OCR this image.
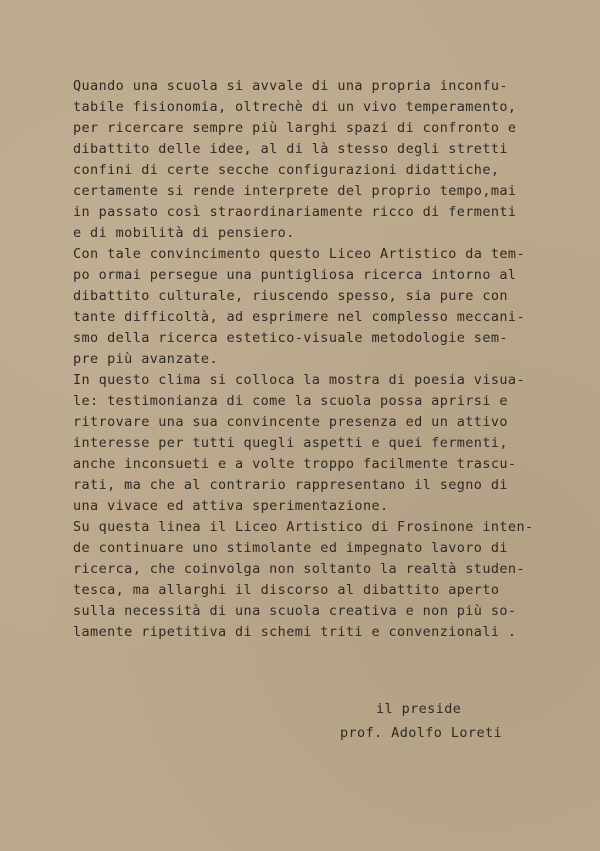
Quando una scuola si avvale di una propria inconfu-
tabile fisionomia, oltrechè di un vivo temperamento,
per ricercare sempre più larghi spazi di confronto e
dibattito delle idee, al di là stesso degli stretti
confini di certe secche configurazioni didattiche,
certamente si rende interprete del proprio tempo,mai
in passato così straordinariamente ricco di fermenti
e di mobilità di pensiero.
Con tale convincimento questo Liceo Artistico da tem-
po ormai persegue una puntigliosa ricerca intorno al
dibattito culturale, riuscendo spesso, sia pure con
tante difficoltà, ad esprimere nel complesso meccani-
smo della ricerca estetico-visuale metodologie sem-
pre più avanzate.
In questo clima si colloca la mostra di poesia visua-
le: testimonianza di come la scuola possa aprirsi e
ritrovare una sua convincente presenza ed un attivo
interesse per tutti quegli aspetti e quei fermenti,
anche inconsueti e a volte troppo facilmente trascu-
rati, ma che al contrario rappresentano il segno di
una vivace ed attiva sperimentazione.
Su questa linea il Liceo Artistico di Frosinone inten-
de continuare uno stimolante ed impegnato lavoro di
ricerca, che coinvolga non soltanto la realtà studen-
tesca, ma allarghi il discorso al dibattito aperto
sulla necessità di una scuola creativa e non più so-
lamente ripetitiva di schemi triti e convenzionali .
il preside
prof. Adolfo Loreti
